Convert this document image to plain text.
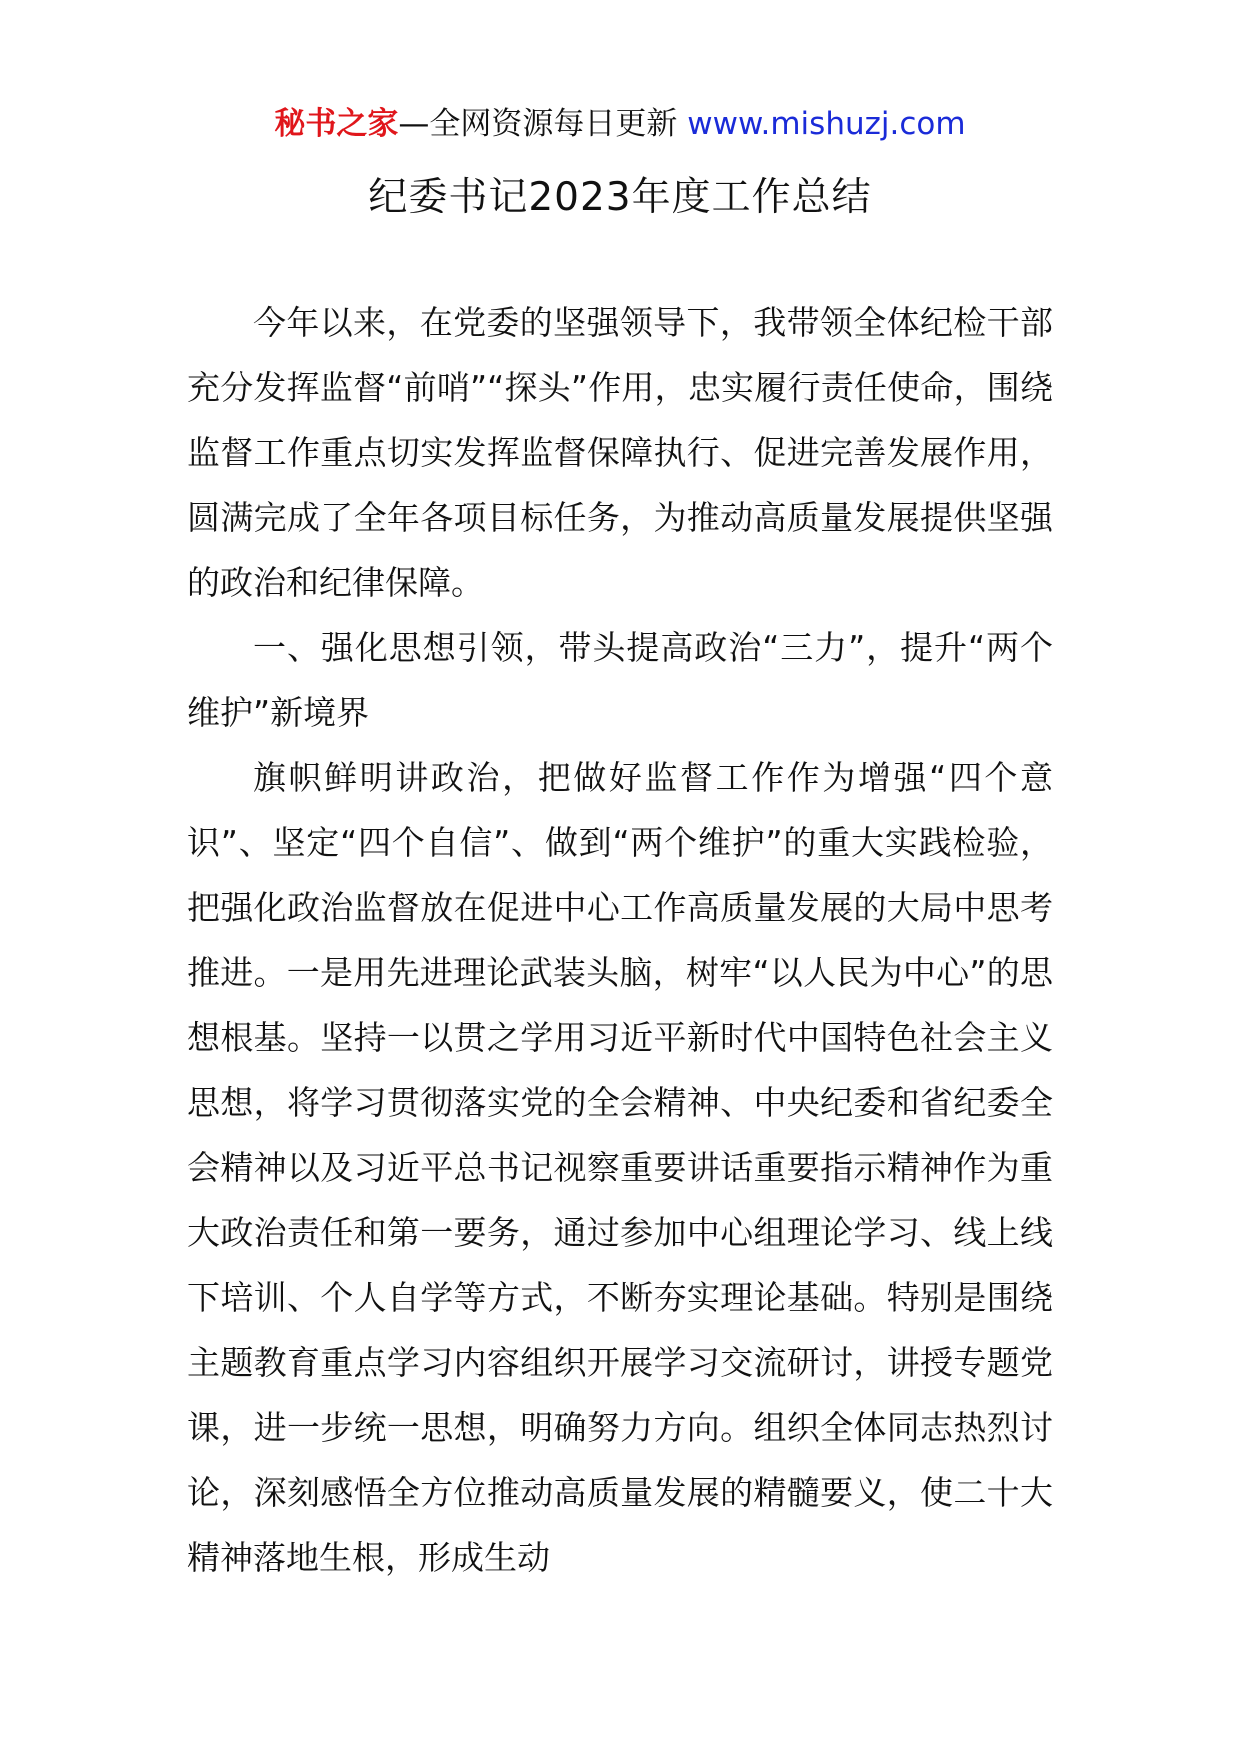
秘书之家—全网资源每日更新 www.mishuzj.com
纪委书记2023年度工作总结

今年以来，在党委的坚强领导下，我带领全体纪检干部充分发挥监督“前哨”“探头”作用，忠实履行责任使命，围绕监督工作重点切实发挥监督保障执行、促进完善发展作用，圆满完成了全年各项目标任务，为推动高质量发展提供坚强的政治和纪律保障。

一、强化思想引领，带头提高政治“三力”，提升“两个维护”新境界

旗帜鲜明讲政治，把做好监督工作作为增强“四个意识”、坚定“四个自信”、做到“两个维护”的重大实践检验，把强化政治监督放在促进中心工作高质量发展的大局中思考推进。一是用先进理论武装头脑，树牢“以人民为中心”的思想根基。坚持一以贯之学用习近平新时代中国特色社会主义思想，将学习贯彻落实党的全会精神、中央纪委和省纪委全会精神以及习近平总书记视察重要讲话重要指示精神作为重大政治责任和第一要务，通过参加中心组理论学习、线上线下培训、个人自学等方式，不断夯实理论基础。特别是围绕主题教育重点学习内容组织开展学习交流研讨，讲授专题党课，进一步统一思想，明确努力方向。组织全体同志热烈讨论，深刻感悟全方位推动高质量发展的精髓要义，使二十大精神落地生根，形成生动
